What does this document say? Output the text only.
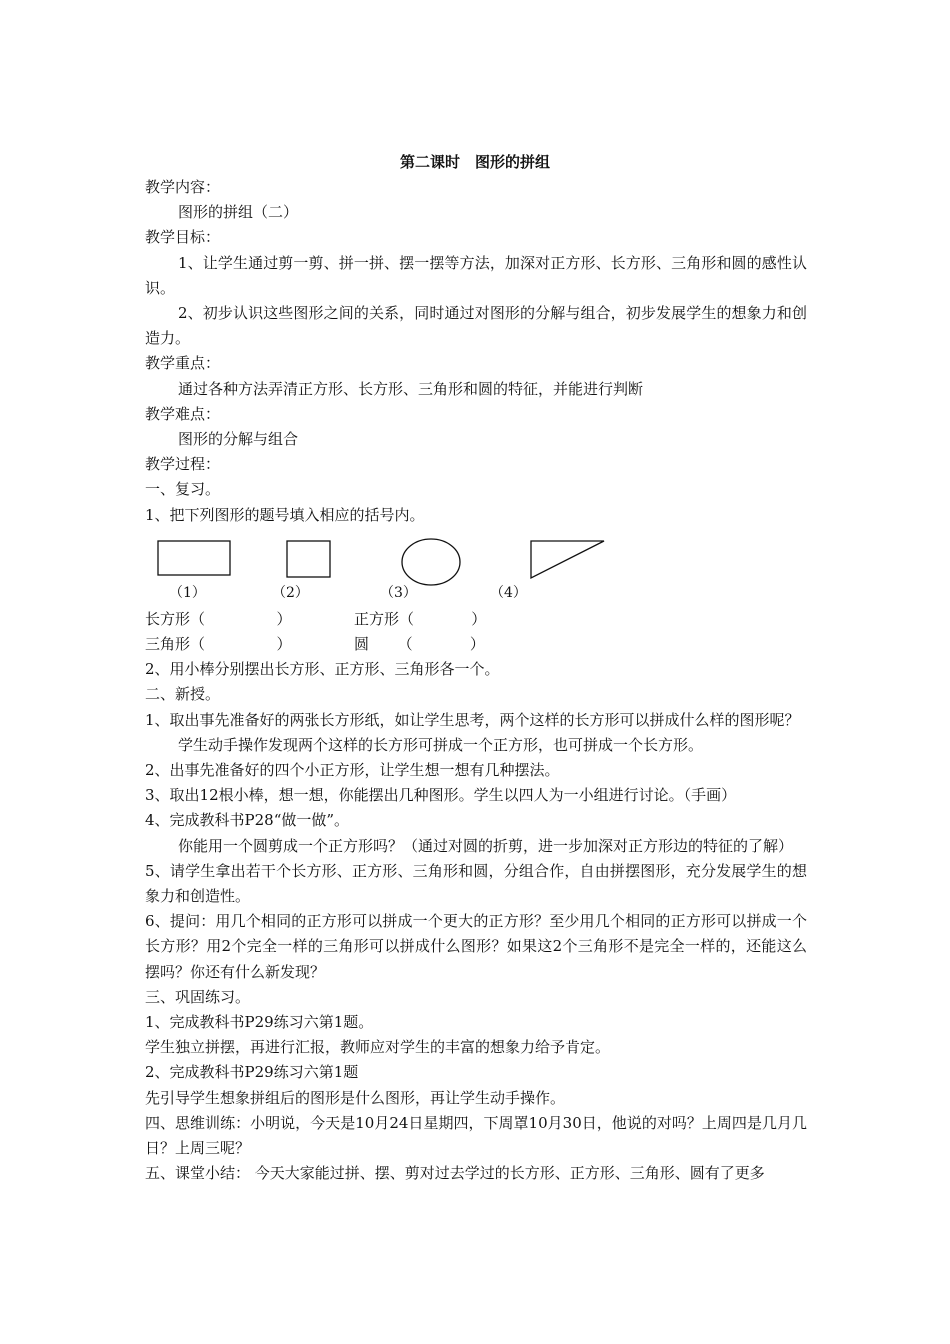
第二课时　图形的拼组

教学内容：

图形的拼组（二）

教学目标：

1、让学生通过剪一剪、拼一拼、摆一摆等方法，加深对正方形、长方形、三角形和圆的感性认识。

2、初步认识这些图形之间的关系，同时通过对图形的分解与组合，初步发展学生的想象力和创造力。

教学重点：

通过各种方法弄清正方形、长方形、三角形和圆的特征，并能进行判断

教学难点：

图形的分解与组合

教学过程：

一、复习。

1、把下列图形的题号填入相应的括号内。

（1）	（2）	（3）	（4）
长方形（               ）	正方形（            ）
三角形（               ）	圆      （            ）

2、用小棒分别摆出长方形、正方形、三角形各一个。

二、新授。

1、取出事先准备好的两张长方形纸，如让学生思考，两个这样的长方形可以拼成什么样的图形呢？

学生动手操作发现两个这样的长方形可拼成一个正方形，也可拼成一个长方形。

2、出事先准备好的四个小正方形，让学生想一想有几种摆法。

3、取出12根小棒，想一想，你能摆出几种图形。学生以四人为一小组进行讨论。（手画）

4、完成教科书P28“做一做”。

你能用一个圆剪成一个正方形吗？（通过对圆的折剪，进一步加深对正方形边的特征的了解）

5、请学生拿出若干个长方形、正方形、三角形和圆，分组合作，自由拼摆图形，充分发展学生的想象力和创造性。

6、提问：用几个相同的正方形可以拼成一个更大的正方形？至少用几个相同的正方形可以拼成一个长方形？用2个完全一样的三角形可以拼成什么图形？如果这2个三角形不是完全一样的，还能这么摆吗？你还有什么新发现？

三、巩固练习。

1、完成教科书P29练习六第1题。

学生独立拼摆，再进行汇报，教师应对学生的丰富的想象力给予肯定。

2、完成教科书P29练习六第1题

先引导学生想象拼组后的图形是什么图形，再让学生动手操作。

四、思维训练：小明说，今天是10月24日星期四，下周罩10月30日，他说的对吗？上周四是几月几日？上周三呢？

五、课堂小结： 今天大家能过拼、摆、剪对过去学过的长方形、正方形、三角形、圆有了更多
